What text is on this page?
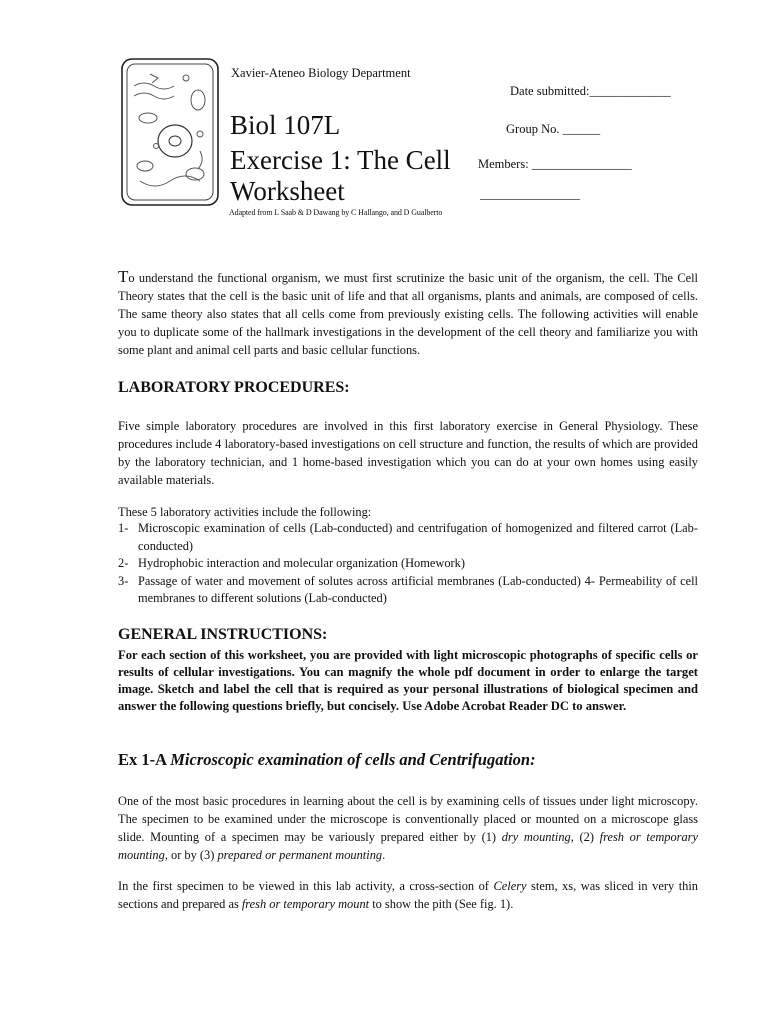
Xavier-Ateneo Biology Department
Date submitted:_____________
Biol 107L	Group No. ______
Exercise 1: The Cell Members: ________________
Worksheet	________________
Adapted from L Saab & D Dawang by C Hallango, and D Gualberto
To understand the functional organism, we must first scrutinize the basic unit of the organism, the cell. The Cell Theory states that the cell is the basic unit of life and that all organisms, plants and animals, are composed of cells. The same theory also states that all cells come from previously existing cells. The following activities will enable you to duplicate some of the hallmark investigations in the development of the cell theory and familiarize you with some plant and animal cell parts and basic cellular functions.
LABORATORY PROCEDURES:
Five simple laboratory procedures are involved in this first laboratory exercise in General Physiology. These procedures include 4 laboratory-based investigations on cell structure and function, the results of which are provided by the laboratory technician, and 1 home-based investigation which you can do at your own homes using easily available materials.
These 5 laboratory activities include the following:
1- Microscopic examination of cells (Lab-conducted) and centrifugation of homogenized and filtered carrot (Lab-conducted)
2- Hydrophobic interaction and molecular organization (Homework)
3- Passage of water and movement of solutes across artificial membranes (Lab-conducted) 4- Permeability of cell membranes to different solutions (Lab-conducted)
GENERAL INSTRUCTIONS:
For each section of this worksheet, you are provided with light microscopic photographs of specific cells or results of cellular investigations. You can magnify the whole pdf document in order to enlarge the target image. Sketch and label the cell that is required as your personal illustrations of biological specimen and answer the following questions briefly, but concisely. Use Adobe Acrobat Reader DC to answer.
Ex 1-A Microscopic examination of cells and Centrifugation:
One of the most basic procedures in learning about the cell is by examining cells of tissues under light microscopy. The specimen to be examined under the microscope is conventionally placed or mounted on a microscope glass slide. Mounting of a specimen may be variously prepared either by (1) dry mounting, (2) fresh or temporary mounting, or by (3) prepared or permanent mounting.
In the first specimen to be viewed in this lab activity, a cross-section of Celery stem, xs, was sliced in very thin sections and prepared as fresh or temporary mount to show the pith (See fig. 1).
